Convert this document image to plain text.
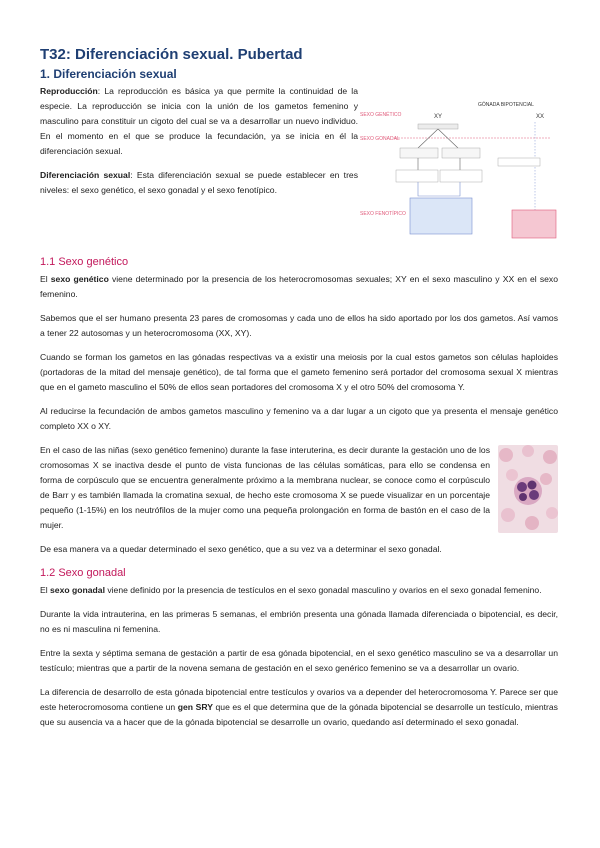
T32: Diferenciación sexual. Pubertad
1. Diferenciación sexual

Reproducción: La reproducción es básica ya que permite la continuidad de la especie. La reproducción se inicia con la unión de los gametos femenino y masculino para constituir un cigoto del cual se va a desarrollar un nuevo individuo. En el momento en el que se produce la fecundación, ya se inicia en él la diferenciación sexual.

Diferenciación sexual: Esta diferenciación sexual se puede establecer en tres niveles: el sexo genético, el sexo gonadal y el sexo fenotípico.

GÓNADA BIPOTENCIAL
XY	XX
SEXO GENÉTICO
SEXO GONADAL
SEXO FENOTÍPICO
1.1 Sexo genético

El sexo genético viene determinado por la presencia de los heterocromosomas sexuales; XY en el sexo masculino y XX en el sexo femenino.

Sabemos que el ser humano presenta 23 pares de cromosomas y cada uno de ellos ha sido aportado por los dos gametos. Así vamos a tener 22 autosomas y un heterocromosoma (XX, XY).

Cuando se forman los gametos en las gónadas respectivas va a existir una meiosis por la cual estos gametos son células haploides (portadoras de la mitad del mensaje genético), de tal forma que el gameto femenino será portador del cromosoma sexual X mientras que en el gameto masculino el 50% de ellos sean portadores del cromosoma X y el otro 50% del cromosoma Y.

Al reducirse la fecundación de ambos gametos masculino y femenino va a dar lugar a un cigoto que ya presenta el mensaje genético completo XX o XY.

En el caso de las niñas (sexo genético femenino) durante la fase interuterina, es decir durante la gestación uno de los cromosomas X se inactiva desde el punto de vista funcionas de las células somáticas, para ello se condensa en forma de corpúsculo que se encuentra generalmente próximo a la membrana nuclear, se conoce como el corpúsculo de Barr y es también llamada la cromatina sexual, de hecho este cromosoma X se puede visualizar en un porcentaje pequeño (1-15%) en los neutrófilos de la mujer como una pequeña prolongación en forma de bastón en el caso de la mujer.

De esa manera va a quedar determinado el sexo genético, que a su vez va a determinar el sexo gonadal.

1.2 Sexo gonadal

El sexo gonadal viene definido por la presencia de testículos en el sexo gonadal masculino y ovarios en el sexo gonadal femenino.

Durante la vida intrauterina, en las primeras 5 semanas, el embrión presenta una gónada llamada diferenciada o bipotencial, es decir, no es ni masculina ni femenina.

Entre la sexta y séptima semana de gestación a partir de esa gónada bipotencial, en el sexo genético masculino se va a desarrollar un testículo; mientras que a partir de la novena semana de gestación en el sexo genérico femenino se va a desarrollar un ovario.

La diferencia de desarrollo de esta gónada bipotencial entre testículos y ovarios va a depender del heterocromosoma Y. Parece ser que este heterocromosoma contiene un gen SRY que es el que determina que de la gónada bipotencial se desarrolle un testículo, mientras que su ausencia va a hacer que de la gónada bipotencial se desarrolle un ovario, quedando así determinado el sexo gonadal.
